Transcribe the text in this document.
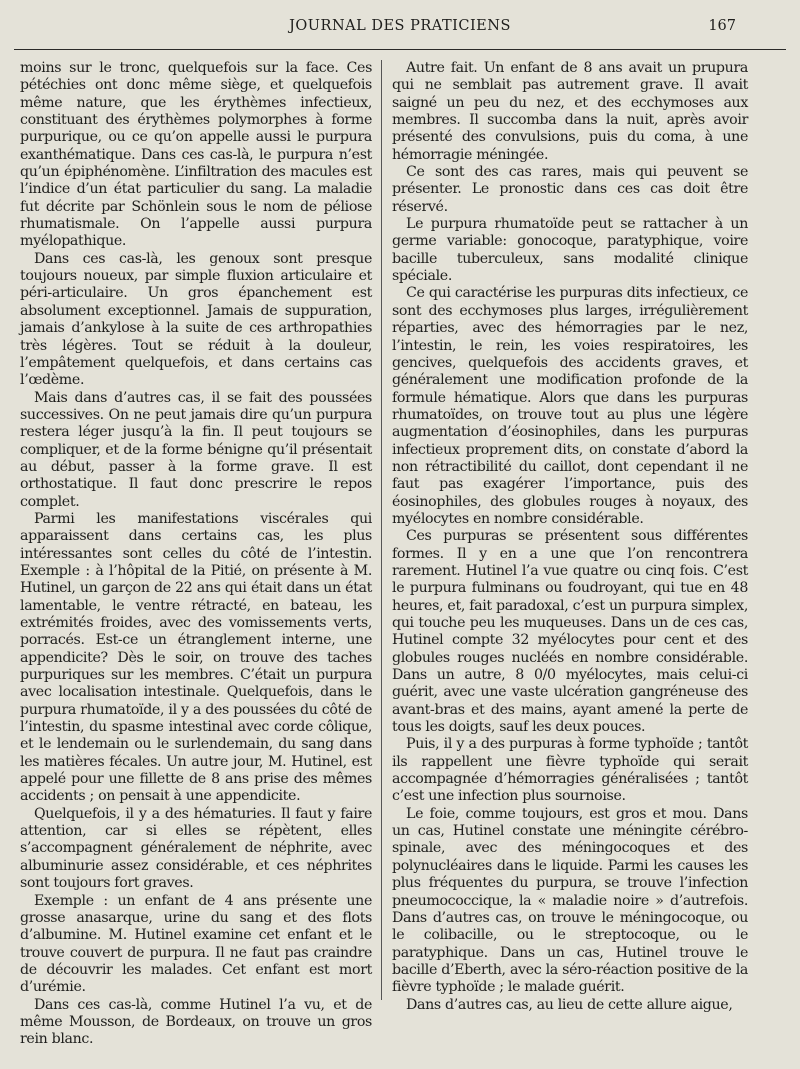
JOURNAL DES PRATICIENS	167

moins sur le tronc, quelquefois sur la face. Ces pétéchies ont donc même siège, et quelquefois même nature, que les érythèmes infectieux, constituant des érythèmes polymorphes à forme purpurique, ou ce qu’on appelle aussi le purpura exanthématique. Dans ces cas-là, le purpura n’est qu’un épiphénomène. L’infiltration des macules est l’indice d’un état particulier du sang. La maladie fut décrite par Schönlein sous le nom de péliose rhumatismale. On l’appelle aussi purpura myélopathique.

Dans ces cas-là, les genoux sont presque toujours noueux, par simple fluxion articulaire et péri-articulaire. Un gros épanchement est absolument exceptionnel. Jamais de suppuration, jamais d’ankylose à la suite de ces arthropathies très légères. Tout se réduit à la douleur, l’empâtement quelquefois, et dans certains cas l’œdème.

Mais dans d’autres cas, il se fait des poussées successives. On ne peut jamais dire qu’un purpura restera léger jusqu’à la fin. Il peut toujours se compliquer, et de la forme bénigne qu’il présentait au début, passer à la forme grave. Il est orthostatique. Il faut donc prescrire le repos complet.

Parmi les manifestations viscérales qui apparaissent dans certains cas, les plus intéressantes sont celles du côté de l’intestin. Exemple : à l’hôpital de la Pitié, on présente à M. Hutinel, un garçon de 22 ans qui était dans un état lamentable, le ventre rétracté, en bateau, les extrémités froides, avec des vomissements verts, porracés. Est-ce un étranglement interne, une appendicite? Dès le soir, on trouve des taches purpuriques sur les membres. C’était un purpura avec localisation intestinale. Quelquefois, dans le purpura rhumatoïde, il y a des poussées du côté de l’intestin, du spasme intestinal avec corde côlique, et le lendemain ou le surlendemain, du sang dans les matières fécales. Un autre jour, M. Hutinel, est appelé pour une fillette de 8 ans prise des mêmes accidents ; on pensait à une appendicite.

Quelquefois, il y a des hématuries. Il faut y faire attention, car si elles se répètent, elles s’accompagnent généralement de néphrite, avec albuminurie assez considérable, et ces néphrites sont toujours fort graves.

Exemple : un enfant de 4 ans présente une grosse anasarque, urine du sang et des flots d’albumine. M. Hutinel examine cet enfant et le trouve couvert de purpura. Il ne faut pas craindre de découvrir les malades. Cet enfant est mort d’urémie.

Dans ces cas-là, comme Hutinel l’a vu, et de même Mousson, de Bordeaux, on trouve un gros rein blanc.

Autre fait. Un enfant de 8 ans avait un prupura qui ne semblait pas autrement grave. Il avait saigné un peu du nez, et des ecchymoses aux membres. Il succomba dans la nuit, après avoir présenté des convulsions, puis du coma, à une hémorragie méningée.

Ce sont des cas rares, mais qui peuvent se présenter. Le pronostic dans ces cas doit être réservé.

Le purpura rhumatoïde peut se rattacher à un germe variable: gonocoque, paratyphique, voire bacille tuberculeux, sans modalité clinique spéciale.

Ce qui caractérise les purpuras dits infectieux, ce sont des ecchymoses plus larges, irrégulièrement réparties, avec des hémorragies par le nez, l’intestin, le rein, les voies respiratoires, les gencives, quelquefois des accidents graves, et généralement une modification profonde de la formule hématique. Alors que dans les purpuras rhumatoïdes, on trouve tout au plus une légère augmentation d’éosinophiles, dans les purpuras infectieux proprement dits, on constate d’abord la non rétractibilité du caillot, dont cependant il ne faut pas exagérer l’importance, puis des éosinophiles, des globules rouges à noyaux, des myélocytes en nombre considérable.

Ces purpuras se présentent sous différentes formes. Il y en a une que l’on rencontrera rarement. Hutinel l’a vue quatre ou cinq fois. C’est le purpura fulminans ou foudroyant, qui tue en 48 heures, et, fait paradoxal, c’est un purpura simplex, qui touche peu les muqueuses. Dans un de ces cas, Hutinel compte 32 myélocytes pour cent et des globules rouges nucléés en nombre considérable. Dans un autre, 8 0/0 myélocytes, mais celui-ci guérit, avec une vaste ulcération gangréneuse des avant-bras et des mains, ayant amené la perte de tous les doigts, sauf les deux pouces.

Puis, il y a des purpuras à forme typhoïde ; tantôt ils rappellent une fièvre typhoïde qui serait accompagnée d’hémorragies généralisées ; tantôt c’est une infection plus sournoise.

Le foie, comme toujours, est gros et mou. Dans un cas, Hutinel constate une méningite cérébro-spinale, avec des méningocoques et des polynucléaires dans le liquide. Parmi les causes les plus fréquentes du purpura, se trouve l’infection pneumococcique, la « maladie noire » d’autrefois. Dans d’autres cas, on trouve le méningocoque, ou le colibacille, ou le streptocoque, ou le paratyphique. Dans un cas, Hutinel trouve le bacille d’Eberth, avec la séro-réaction positive de la fièvre typhoïde ; le malade guérit.

Dans d’autres cas, au lieu de cette allure aigue,
